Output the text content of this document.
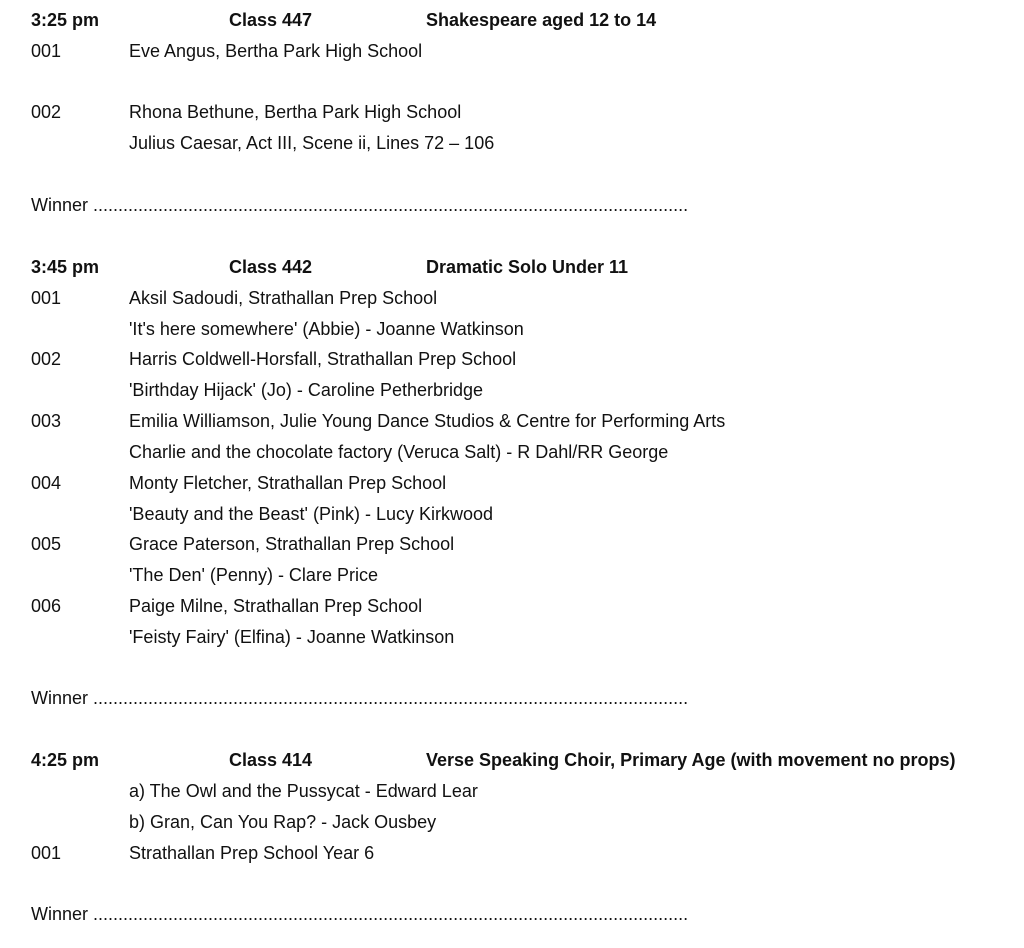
3:25 pm	Class 447	Shakespeare aged 12 to 14
001	Eve Angus, Bertha Park High School
002	Rhona Bethune, Bertha Park High School
Julius Caesar, Act III, Scene ii, Lines 72 – 106
Winner .......................................................................................................................
3:45 pm	Class 442	Dramatic Solo Under 11
001	Aksil Sadoudi, Strathallan Prep School
'It's here somewhere' (Abbie) - Joanne Watkinson
002	Harris Coldwell-Horsfall, Strathallan Prep School
'Birthday Hijack' (Jo) - Caroline Petherbridge
003	Emilia Williamson, Julie Young Dance Studios & Centre for Performing Arts
Charlie and the chocolate factory (Veruca Salt) - R Dahl/RR George
004	Monty Fletcher, Strathallan Prep School
'Beauty and the Beast' (Pink) - Lucy Kirkwood
005	Grace Paterson, Strathallan Prep School
'The Den' (Penny) - Clare Price
006	Paige Milne, Strathallan Prep School
'Feisty Fairy' (Elfina) - Joanne Watkinson
Winner .......................................................................................................................
4:25 pm	Class 414	Verse Speaking Choir, Primary Age (with movement no props)
a) The Owl and the Pussycat - Edward Lear
b) Gran, Can You Rap? - Jack Ousbey
001	Strathallan Prep School Year 6
Winner .......................................................................................................................
